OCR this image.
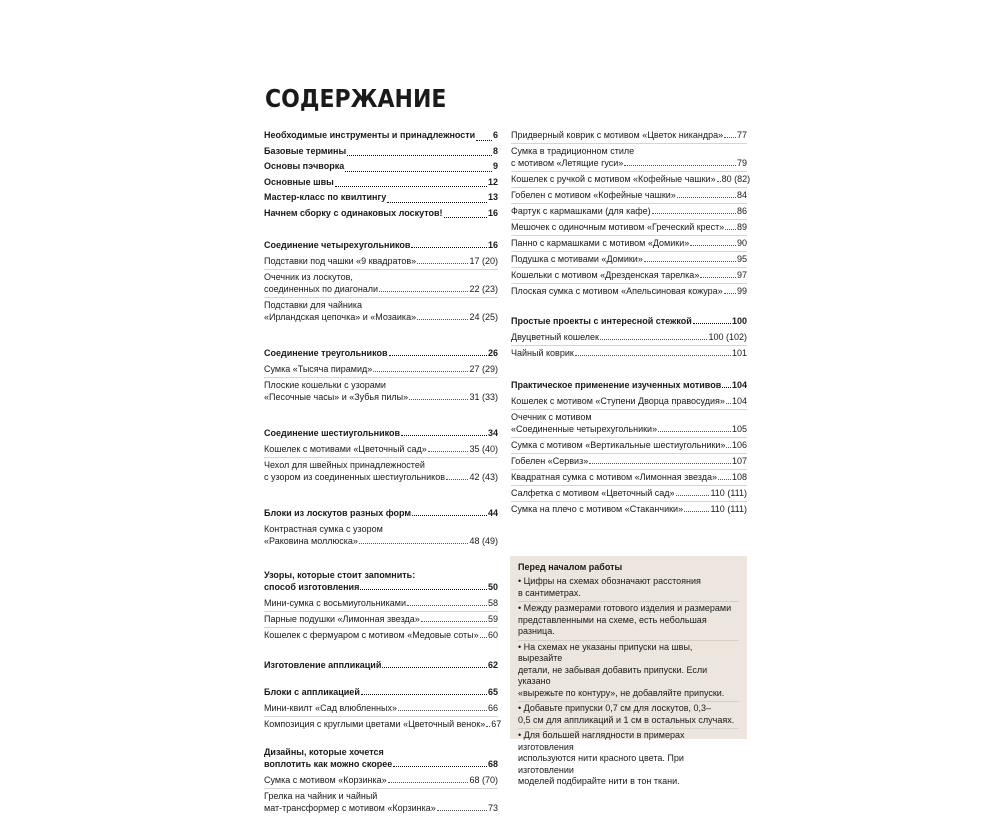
СОДЕРЖАНИЕ
Необходимые инструменты и принадлежности 6
Базовые термины	8
Основы пэчворка	9
Основные швы	12
Мастер-класс по квилтингу	13
Начнем сборку с одинаковых лоскутов!	16
Соединение четырехугольников	16
Подставки под чашки «9 квадратов»	17 (20)
Очечник из лоскутов,
соединенных по диагонали	22 (23)
Подставки для чайника
«Ирландская цепочка» и «Мозаика»	24 (25)
Соединение треугольников	26
Сумка «Тысяча пирамид»	27 (29)
Плоские кошельки с узорами
«Песочные часы» и «Зубья пилы»	31 (33)
Соединение шестиугольников	34
Кошелек с мотивами «Цветочный сад»	35 (40)
Чехол для швейных принадлежностей
с узором из соединенных шестиугольников	42 (43)
Блоки из лоскутов разных форм	44
Контрастная сумка с узором
«Раковина моллюска»	48 (49)
Узоры, которые стоит запомнить:
способ изготовления	50
Мини-сумка с восьмиугольниками	58
Парные подушки «Лимонная звезда»	59
Кошелек с фермуаром с мотивом «Медовые соты» 60
Изготовление аппликаций	62
Блоки с аппликацией	65
Мини-квилт «Сад влюбленных»	66
Композиция с круглыми цветами «Цветочный венок» 67
Дизайны, которые хочется
воплотить как можно скорее	68
Сумка с мотивом «Корзинка»	68 (70)
Грелка на чайник и чайный
мат-трансформер с мотивом «Корзинка»	73
Придверный коврик с мотивом «Цветок никандра» 77
Сумка в традиционном стиле
с мотивом «Летящие гуси»	79
Кошелек с ручкой с мотивом «Кофейные чашки» 80 (82)
Гобелен с мотивом «Кофейные чашки»	84
Фартук с кармашками (для кафе)	86
Мешочек с одиночным мотивом «Греческий крест» 89
Панно с кармашками с мотивом «Домики»	90
Подушка с мотивами «Домики»	95
Кошельки с мотивом «Дрезденская тарелка»	97
Плоская сумка с мотивом «Апельсиновая кожура» 99
Простые проекты с интересной стежкой	100
Двуцветный кошелек	100 (102)
Чайный коврик	101
Практическое применение изученных мотивов 104
Кошелек с мотивом «Ступени Дворца правосудия» 104
Очечник с мотивом
«Соединенные четырехугольники»	105
Сумка с мотивом «Вертикальные шестиугольники» 106
Гобелен «Сервиз»	107
Квадратная сумка с мотивом «Лимонная звезда» 108
Салфетка с мотивом «Цветочный сад»	110 (111)
Сумка на плечо с мотивом «Стаканчики»	110 (111)
Перед началом работы
• Цифры на схемах обозначают расстояния
в сантиметрах.
• Между размерами готового изделия и размерами
представленными на схеме, есть небольшая разница.
• На схемах не указаны припуски на швы, вырезайте
детали, не забывая добавить припуски. Если указано
«вырежьте по контуру», не добавляйте припуски.
• Добавьте припуски 0,7 см для лоскутов, 0,3–
0,5 см для аппликаций и 1 см в остальных случаях.
• Для большей наглядности в примерах изготовления
используются нити красного цвета. При изготовлении
моделей подбирайте нити в тон ткани.
